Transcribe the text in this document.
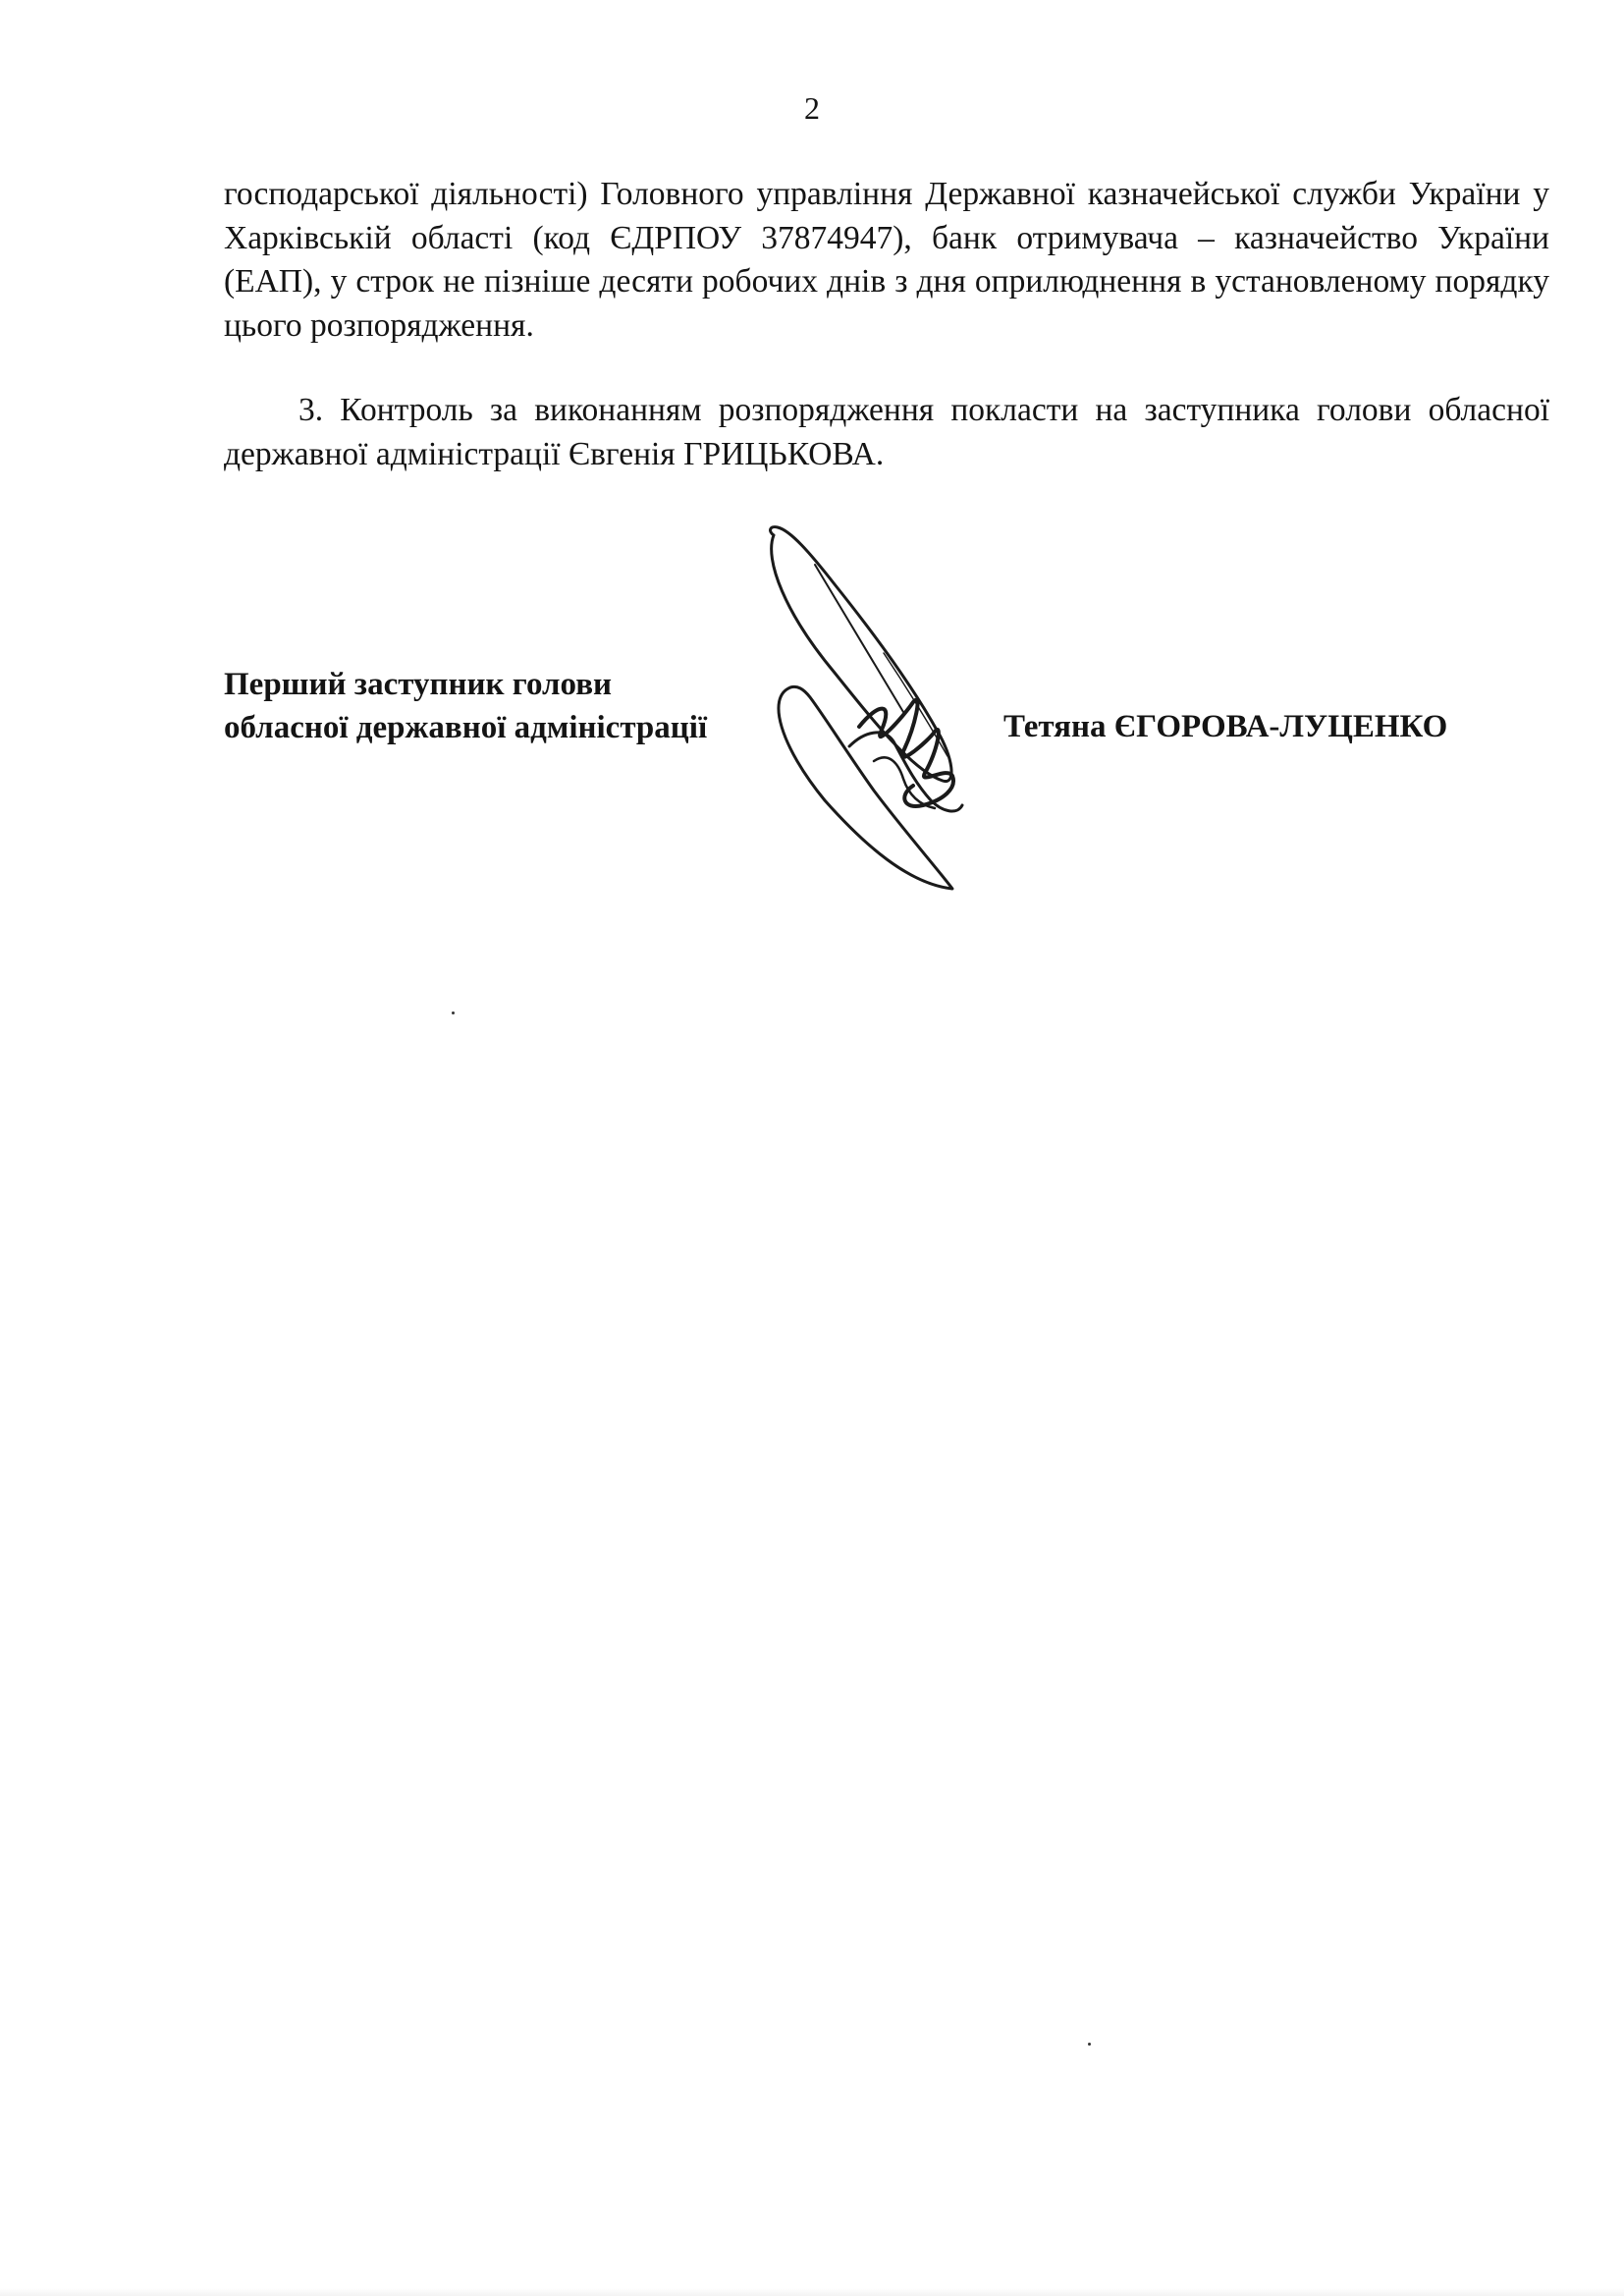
2
господарської діяльності) Головного управління Державної казначейської служби України у Харківській області (код ЄДРПОУ 37874947), банк отримувача – казначейство України (ЕАП), у строк не пізніше десяти робочих днів з дня оприлюднення в установленому порядку цього розпорядження.
3. Контроль за виконанням розпорядження покласти на заступника голови обласної державної адміністрації Євгенія ГРИЦЬКОВА.
Перший заступник голови
обласної державної адміністрації	Тетяна ЄГОРОВА-ЛУЦЕНКО
